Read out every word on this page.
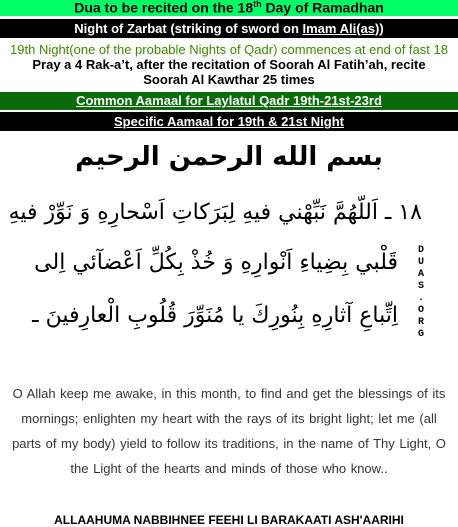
Dua to be recited on the 18th Day of Ramadhan
Night of Zarbat (striking of sword on Imam Ali(as))
19th Night(one of the probable Nights of Qadr) commences at end of fast 18
Pray a 4 Rak-a’t, after the recitation of Soorah Al Fatih’ah, recite
Soorah Al Kawthar 25 times
Common Aamaal for Laylatul Qadr 19th-21st-23rd
Specific Aamaal for 19th & 21st Night
بسم الله الرحمن الرحيم
١٨ ـ اَللّهُمَّ نَبِّهْني فيهِ لِبَرَكاتِ اَسْحارِهِ وَ نَوِّرْ فيهِ
قَلْبي بِضِياءِ اَنْوارِهِ وَ خُذْ بِكُلِّ اَعْضآئي اِلى
اِتِّباعِ آثارِهِ بِنُورِكَ يا مُنَوِّرَ قُلُوبِ الْعارِفينَ ـ
D
U
A
S
.
O
R
G
O Allah keep me awake, in this month, to find and get the blessings of its mornings; enlighten my heart with the rays of its bright light; let me (all parts of my body) yield to follow its traditions, in the name of Thy Light, O the Light of the hearts and minds of those who know..
ALLAAHUMA NABBIHNEE FEEHI LI BARAKAATI ASH'AARIHI
